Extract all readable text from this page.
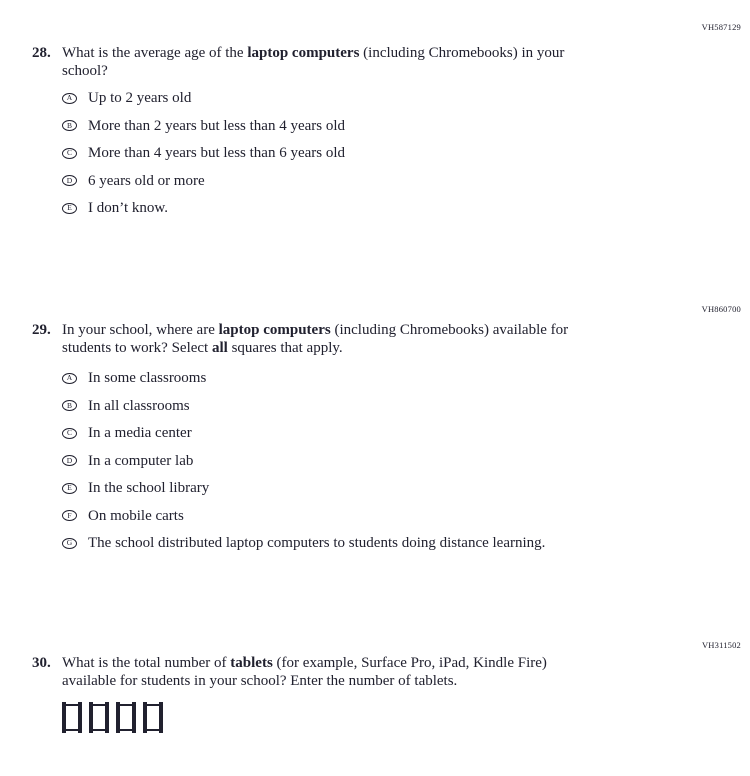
VH587129
28. What is the average age of the laptop computers (including Chromebooks) in your
school?
A Up to 2 years old
B More than 2 years but less than 4 years old
C More than 4 years but less than 6 years old
D 6 years old or more
E I don’t know.
VH860700
29. In your school, where are laptop computers (including Chromebooks) available for
students to work? Select all squares that apply.
A In some classrooms
B In all classrooms
C In a media center
D In a computer lab
E In the school library
F On mobile carts
G The school distributed laptop computers to students doing distance learning.
VH311502
30. What is the total number of tablets (for example, Surface Pro, iPad, Kindle Fire)
available for students in your school? Enter the number of tablets.
